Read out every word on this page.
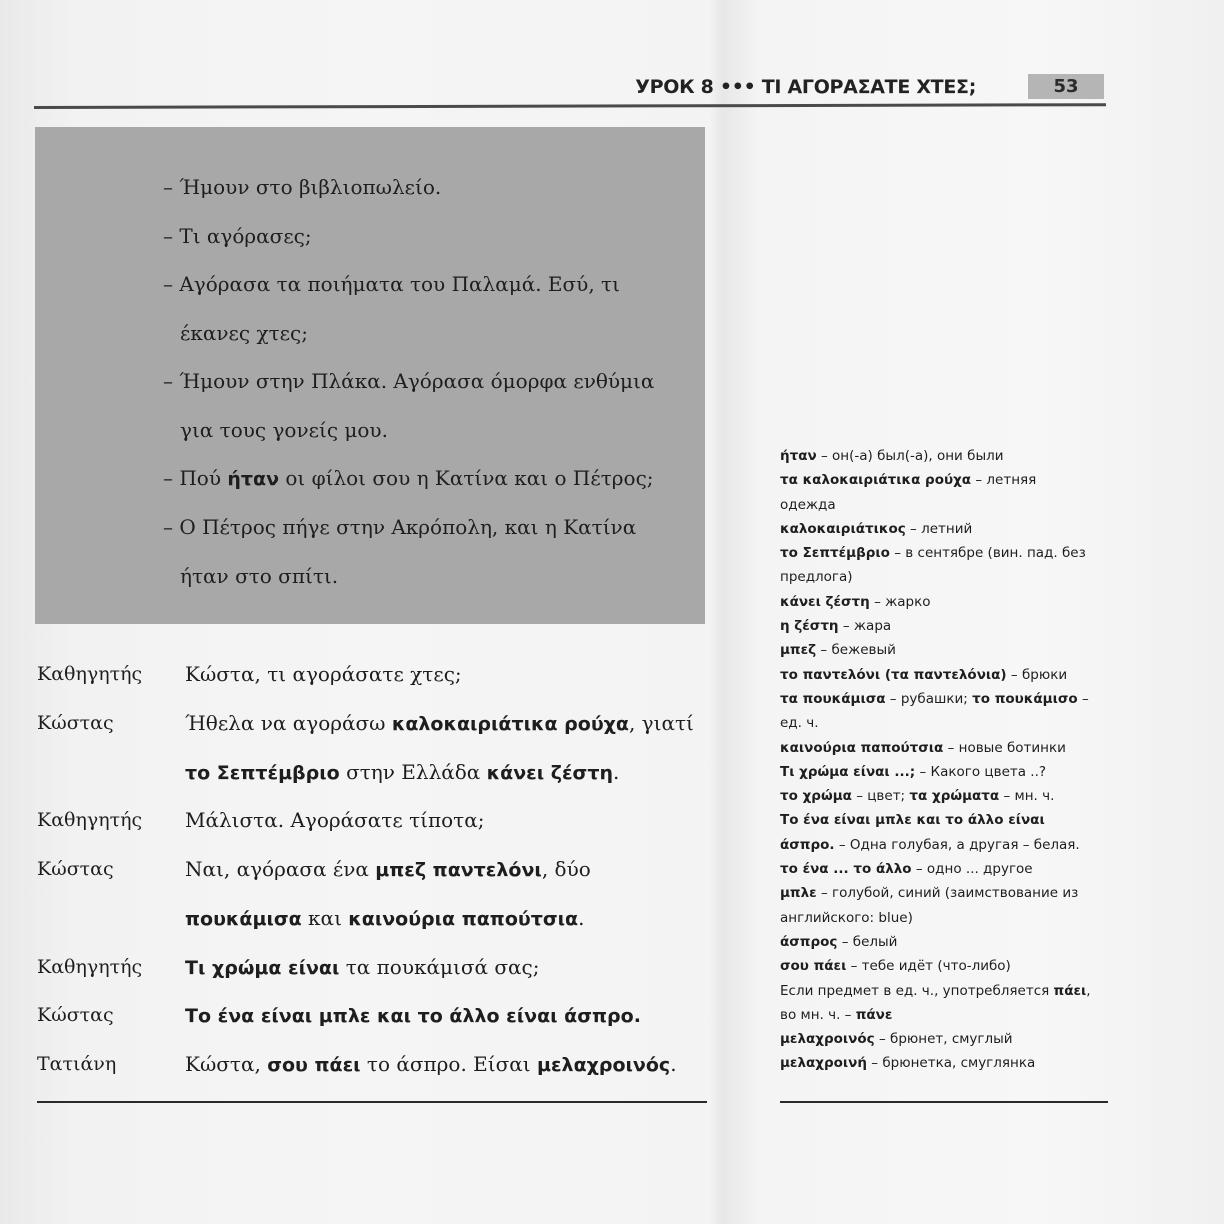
УРОК 8 ••• ΤΙ ΑΓΟΡΑΣΑΤΕ ΧΤΕΣ;	53
– Ήμουν στο βιβλιοπωλείο.
– Τι αγόρασες;
– Αγόρασα τα ποιήματα του Παλαμά. Εσύ, τι
έκανες χτες;
– Ήμουν στην Πλάκα. Αγόρασα όμορφα ενθύμια
για τους γονείς μου.
– Πού ήταν οι φίλοι σου η Κατίνα και ο Πέτρος;
– Ο Πέτρος πήγε στην Ακρόπολη, και η Κατίνα
ήταν στο σπίτι.
Καθηγητής Κώστα, τι αγοράσατε χτες;
Κώστας	Ήθελα να αγοράσω καλοκαιριάτικα ρούχα, γιατί
το Σεπτέμβριο στην Ελλάδα κάνει ζέστη.
Καθηγητής Μάλιστα. Αγοράσατε τίποτα;
Κώστας	Ναι, αγόρασα ένα μπεζ παντελόνι, δύο
πουκάμισα και καινούρια παπούτσια.
Καθηγητής Τι χρώμα είναι τα πουκάμισά σας;
Κώστας	Το ένα είναι μπλε και το άλλο είναι άσπρο.
Τατιάνη	Κώστα, σου πάει το άσπρο. Είσαι μελαχροινός.
ήταν – он(-а) был(-а), они были
τα καλοκαιριάτικα ρούχα – летняя
одежда
καλοκαιριάτικος – летний
το Σεπτέμβριο – в сентябре (вин. пад. без
предлога)
κάνει ζέστη – жарко
η ζέστη – жара
μπεζ – бежевый
το παντελόνι (τα παντελόνια) – брюки
τα πουκάμισα – рубашки; το πουκάμισο –
ед. ч.
καινούρια παπούτσια – новые ботинки
Τι χρώμα είναι ...; – Какого цвета ..?
το χρώμα – цвет; τα χρώματα – мн. ч.
Το ένα είναι μπλε και το άλλο είναι
άσπρο. – Одна голубая, а другая – белая.
το ένα ... το άλλο – одно ... другое
μπλε – голубой, синий (заимствование из
английского: blue)
άσπρος – белый
σου πάει – тебе идёт (что-либо)
Если предмет в ед. ч., употребляется πάει,
во мн. ч. – πάνε
μελαχροινός – брюнет, смуглый
μελαχροινή – брюнетка, смуглянка
